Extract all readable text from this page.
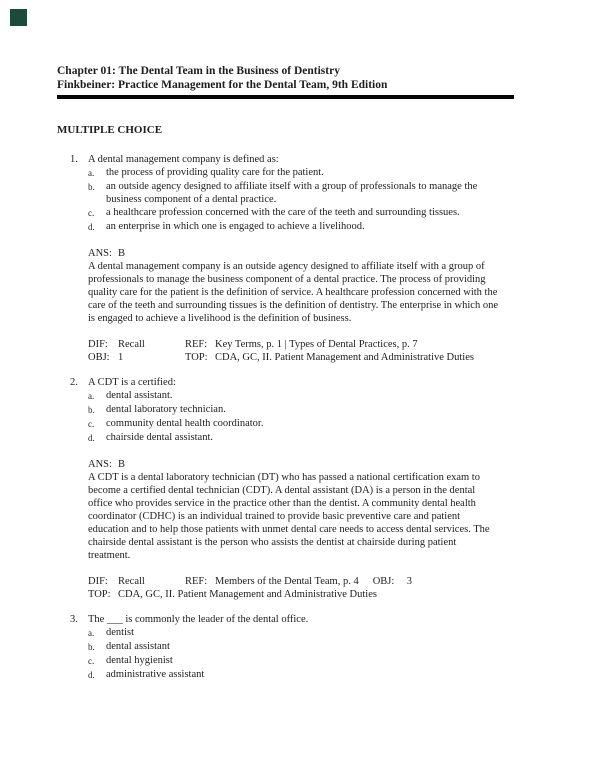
Chapter 01: The Dental Team in the Business of Dentistry
Finkbeiner: Practice Management for the Dental Team, 9th Edition
MULTIPLE CHOICE
1. A dental management company is defined as:
a.	the process of providing quality care for the patient.
b.	an outside agency designed to affiliate itself with a group of professionals to manage the business component of a dental practice.
c.	a healthcare profession concerned with the care of the teeth and surrounding tissues.
d.	an enterprise in which one is engaged to achieve a livelihood.
ANS: B
A dental management company is an outside agency designed to affiliate itself with a group of professionals to manage the business component of a dental practice. The process of providing quality care for the patient is the definition of service. A healthcare profession concerned with the care of the teeth and surrounding tissues is the definition of dentistry. The enterprise in which one is engaged to achieve a livelihood is the definition of business.
DIF: Recall	REF: Key Terms, p. 1 | Types of Dental Practices, p. 7
OBJ: 1	TOP: CDA, GC, II. Patient Management and Administrative Duties
2. A CDT is a certified:
a.	dental assistant.
b.	dental laboratory technician.
c.	community dental health coordinator.
d.	chairside dental assistant.
ANS: B
A CDT is a dental laboratory technician (DT) who has passed a national certification exam to become a certified dental technician (CDT). A dental assistant (DA) is a person in the dental office who provides service in the practice other than the dentist. A community dental health coordinator (CDHC) is an individual trained to provide basic preventive care and patient education and to help those patients with unmet dental care needs to access dental services. The chairside dental assistant is the person who assists the dentist at chairside during patient treatment.
DIF: Recall	REF: Members of the Dental Team, p. 4 OBJ:	3
TOP: CDA, GC, II. Patient Management and Administrative Duties
3. The ___ is commonly the leader of the dental office.
a.	dentist
b.	dental assistant
c.	dental hygienist
d.	administrative assistant
